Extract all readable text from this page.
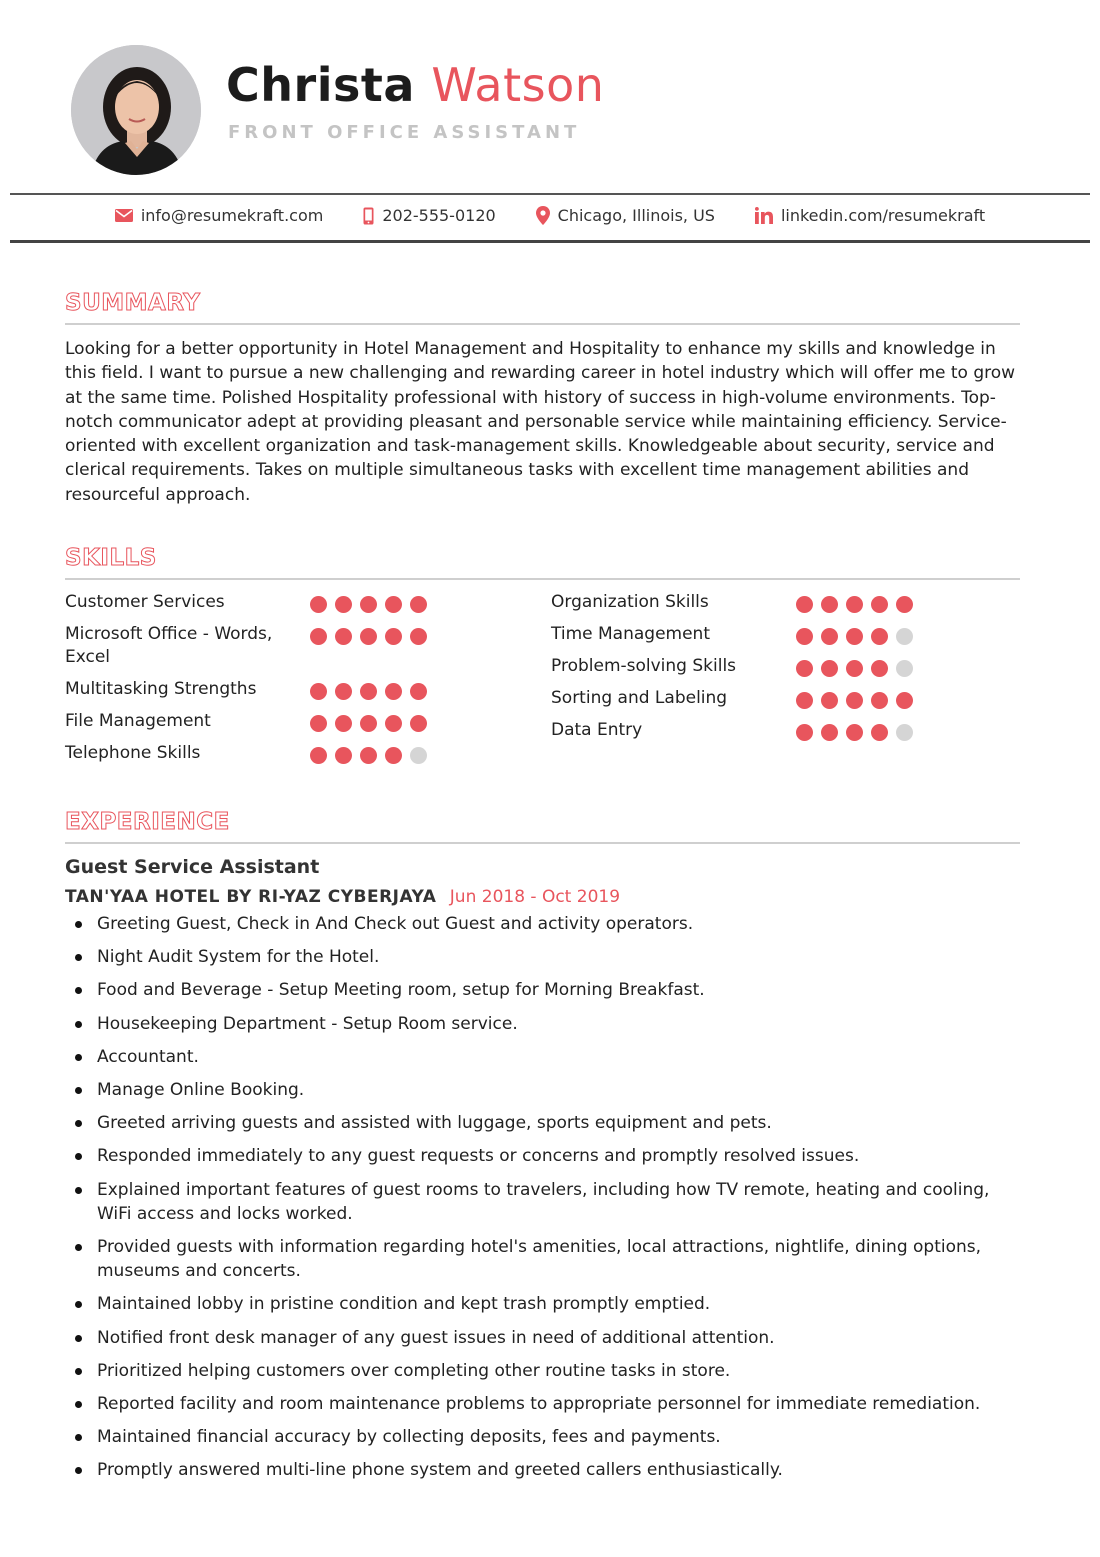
Christa Watson
FRONT OFFICE ASSISTANT
info@resumekraft.com	202-555-0120	Chicago, Illinois, US	linkedin.com/resumekraft
SUMMARY

Looking for a better opportunity in Hotel Management and Hospitality to enhance my skills and knowledge in this field. I want to pursue a new challenging and rewarding career in hotel industry which will offer me to grow at the same time. Polished Hospitality professional with history of success in high-volume environments. Top-notch communicator adept at providing pleasant and personable service while maintaining efficiency. Service-oriented with excellent organization and task-management skills. Knowledgeable about security, service and clerical requirements. Takes on multiple simultaneous tasks with excellent time management abilities and resourceful approach.

SKILLS
Customer Services
Microsoft Office - Words, Excel
Multitasking Strengths
File Management
Telephone Skills
Organization Skills
Time Management
Problem-solving Skills
Sorting and Labeling
Data Entry
EXPERIENCE
Guest Service Assistant
TAN'YAA HOTEL BY RI-YAZ CYBERJAYA Jun 2018 - Oct 2019
Greeting Guest, Check in And Check out Guest and activity operators.
Night Audit System for the Hotel.
Food and Beverage - Setup Meeting room, setup for Morning Breakfast.
Housekeeping Department - Setup Room service.
Accountant.
Manage Online Booking.
Greeted arriving guests and assisted with luggage, sports equipment and pets.
Responded immediately to any guest requests or concerns and promptly resolved issues.
Explained important features of guest rooms to travelers, including how TV remote, heating and cooling, WiFi access and locks worked.
Provided guests with information regarding hotel's amenities, local attractions, nightlife, dining options, museums and concerts.
Maintained lobby in pristine condition and kept trash promptly emptied.
Notified front desk manager of any guest issues in need of additional attention.
Prioritized helping customers over completing other routine tasks in store.
Reported facility and room maintenance problems to appropriate personnel for immediate remediation.
Maintained financial accuracy by collecting deposits, fees and payments.
Promptly answered multi-line phone system and greeted callers enthusiastically.
